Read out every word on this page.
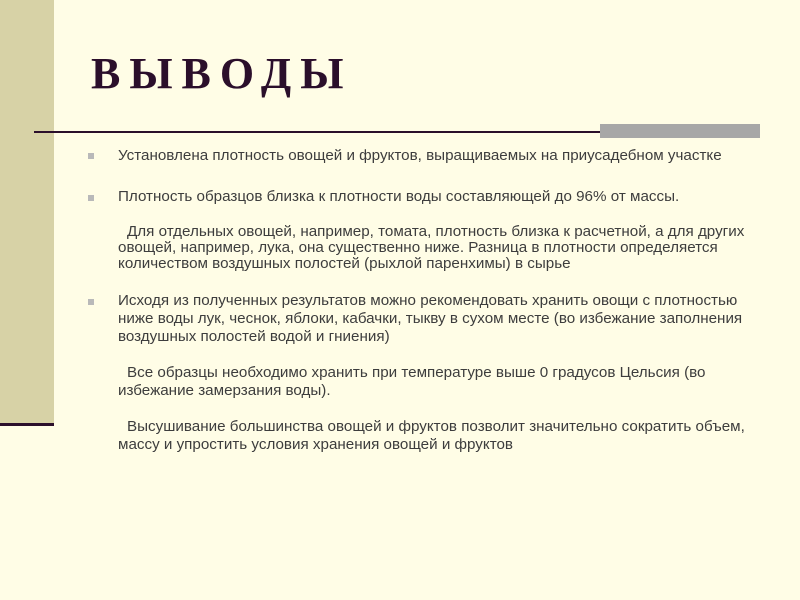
ВЫВОДЫ
Установлена плотность овощей и фруктов, выращиваемых на приусадебном участке
Плотность образцов близка к плотности воды составляющей до 96% от массы.
Для отдельных овощей, например, томата, плотность близка к расчетной, а для других овощей, например, лука, она существенно ниже. Разница в плотности определяется количеством воздушных полостей (рыхлой паренхимы) в сырье
Исходя из полученных результатов можно рекомендовать хранить овощи с плотностью ниже воды лук, чеснок, яблоки, кабачки, тыкву в сухом месте (во избежание заполнения воздушных полостей водой и гниения)
Все образцы необходимо хранить при температуре выше 0 градусов Цельсия (во избежание замерзания воды).
Высушивание большинства овощей и фруктов позволит значительно сократить объем, массу и упростить условия хранения овощей и фруктов
